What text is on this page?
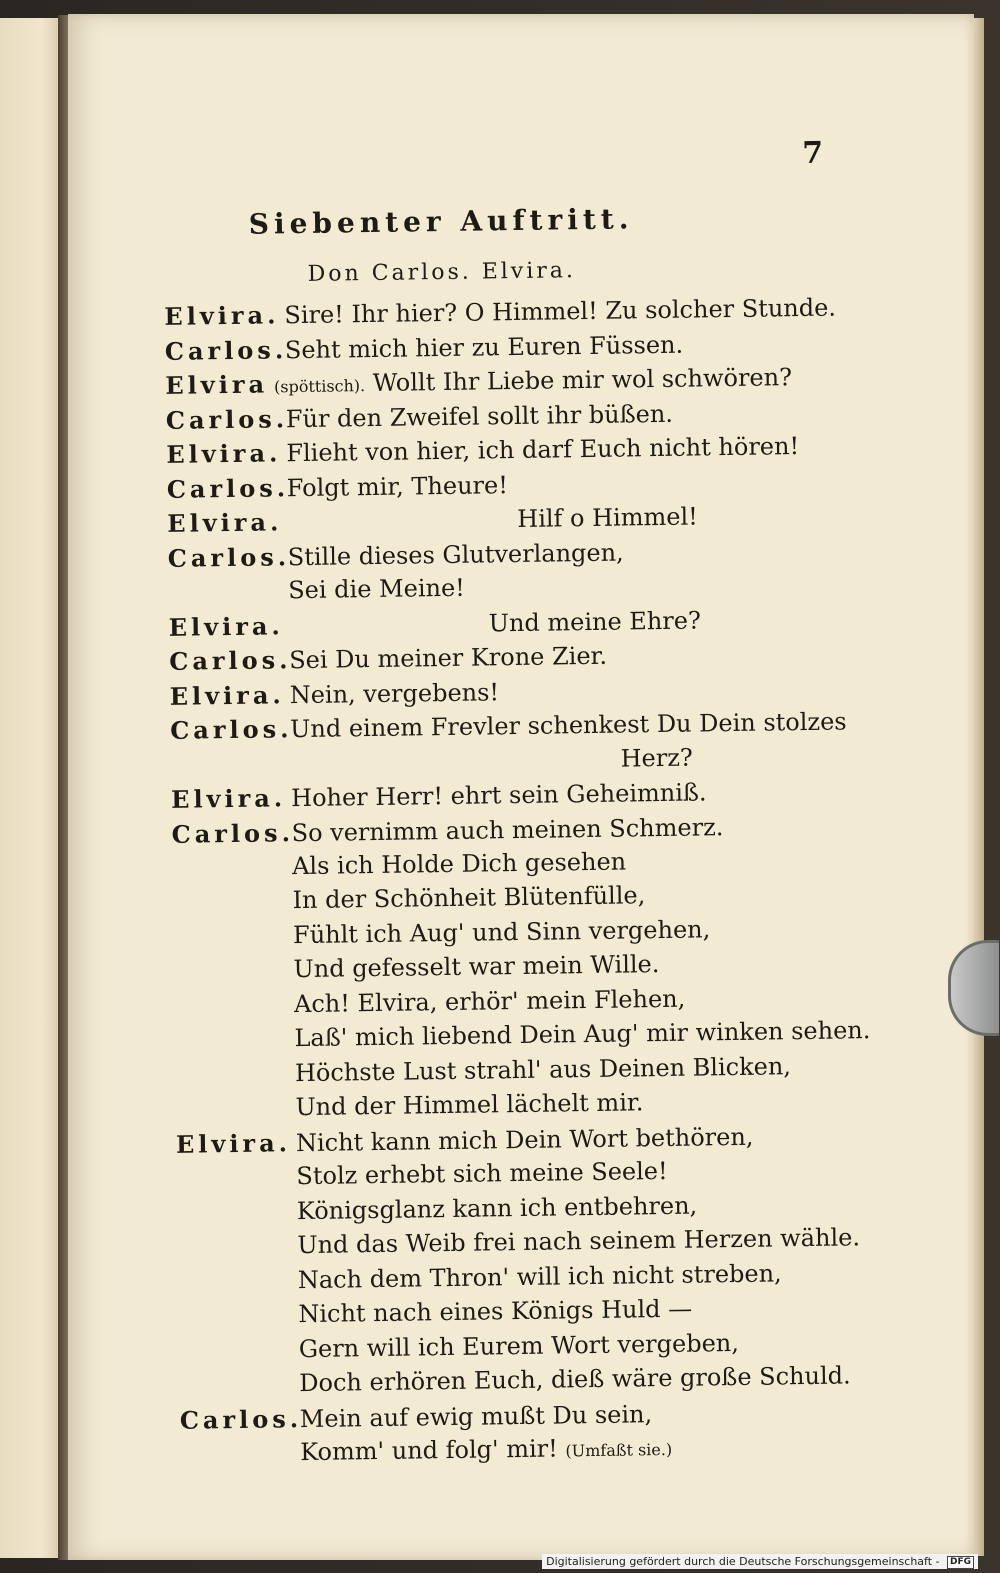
7
Siebenter Auftritt.
Don Carlos. Elvira.
Elvira. Sire! Ihr hier? O Himmel! Zu solcher Stunde.
Carlos.Seht mich hier zu Euren Füssen.
Elvira (spöttisch). Wollt Ihr Liebe mir wol schwören?
Carlos.Für den Zweifel sollt ihr büßen.
Elvira. Flieht von hier, ich darf Euch nicht hören!
Carlos.Folgt mir, Theure!
Elvira.	Hilf o Himmel!
Carlos.Stille dieses Glutverlangen,
Sei die Meine!
Elvira.	Und meine Ehre?
Carlos.Sei Du meiner Krone Zier.
Elvira. Nein, vergebens!
Carlos.Und einem Frevler schenkest Du Dein stolzes
Herz?
Elvira. Hoher Herr! ehrt sein Geheimniß.
Carlos.So vernimm auch meinen Schmerz.
Als ich Holde Dich gesehen
In der Schönheit Blütenfülle,
Fühlt ich Aug' und Sinn vergehen,
Und gefesselt war mein Wille.
Ach! Elvira, erhör' mein Flehen,
Laß' mich liebend Dein Aug' mir winken sehen.
Höchste Lust strahl' aus Deinen Blicken,
Und der Himmel lächelt mir.
Elvira. Nicht kann mich Dein Wort bethören,
Stolz erhebt sich meine Seele!
Königsglanz kann ich entbehren,
Und das Weib frei nach seinem Herzen wähle.
Nach dem Thron' will ich nicht streben,
Nicht nach eines Königs Huld —
Gern will ich Eurem Wort vergeben,
Doch erhören Euch, dieß wäre große Schuld.
Carlos.Mein auf ewig mußt Du sein,
Komm' und folg' mir! (Umfaßt sie.)
Digitalisierung gefördert durch die Deutsche Forschungsgemeinschaft - DFG
